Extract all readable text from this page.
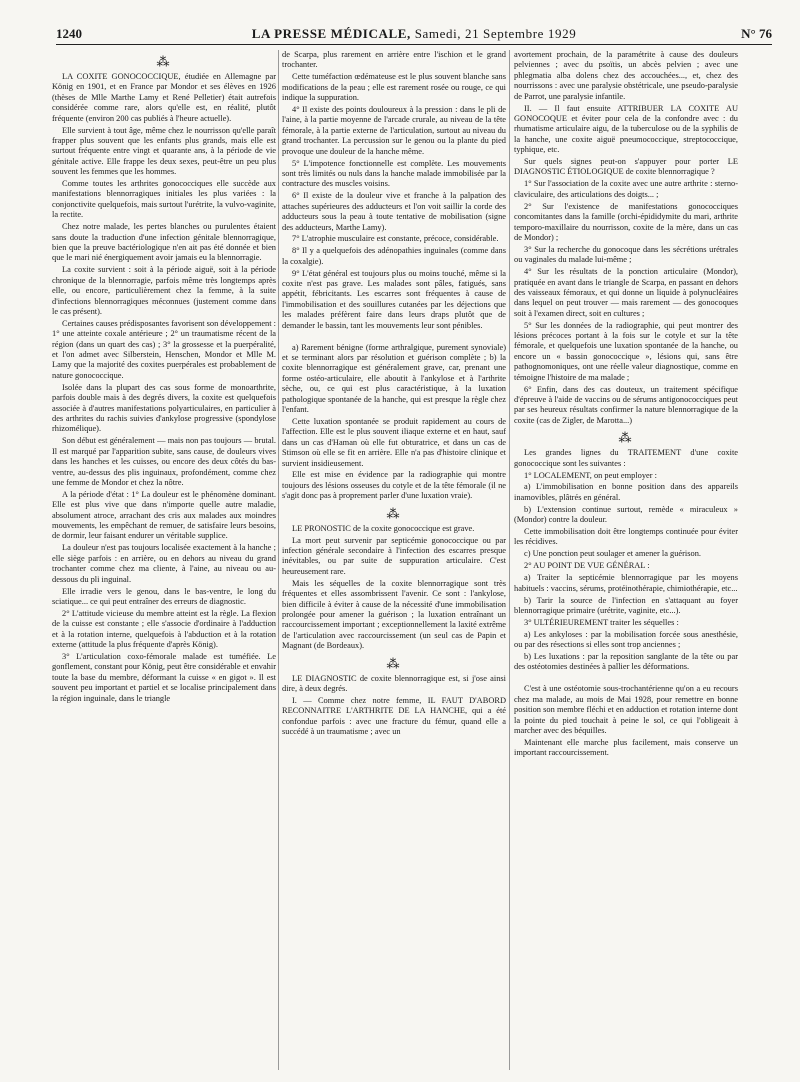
1240	LA PRESSE MÉDICALE, Samedi, 21 Septembre 1929	N° 76
⁂

LA COXITE GONOCOCCIQUE, étudiée en Allemagne par König en 1901, et en France par Mondor et ses élèves en 1926 (thèses de Mlle Marthe Lamy et René Pelletier) était autrefois considérée comme rare, alors qu'elle est, en réalité, plutôt fréquente (environ 200 cas publiés à l'heure actuelle).

Elle survient à tout âge, même chez le nourrisson qu'elle paraît frapper plus souvent que les enfants plus grands, mais elle est surtout fréquente entre vingt et quarante ans, à la période de vie génitale active. Elle frappe les deux sexes, peut-être un peu plus souvent les femmes que les hommes.

Comme toutes les arthrites gonococciques elle succède aux manifestations blennorragiques initiales les plus variées : la conjonctivite quelquefois, mais surtout l'urétrite, la vulvo-vaginite, la rectite.

Chez notre malade, les pertes blanches ou purulentes étaient sans doute la traduction d'une infection génitale blennorragique, bien que la preuve bactériologique n'en ait pas été donnée et bien que le mari nié énergiquement avoir jamais eu la blennorragie.

La coxite survient : soit à la période aiguë, soit à la période chronique de la blennorragie, parfois même très longtemps après elle, ou encore, particulièrement chez la femme, à la suite d'infections blennorragiques méconnues (justement comme dans le cas présent).

Certaines causes prédisposantes favorisent son développement : 1° une atteinte coxale antérieure ; 2° un traumatisme récent de la région (dans un quart des cas) ; 3° la grossesse et la puerpéralité, et l'on admet avec Silberstein, Henschen, Mondor et Mlle M. Lamy que la majorité des coxites puerpérales est probablement de nature gonococcique.

Isolée dans la plupart des cas sous forme de monoarthrite, parfois double mais à des degrés divers, la coxite est quelquefois associée à d'autres manifestations polyarticulaires, en particulier à des arthrites du rachis suivies d'ankylose progressive (spondylose rhizomélique).

Son début est généralement — mais non pas toujours — brutal. Il est marqué par l'apparition subite, sans cause, de douleurs vives dans les hanches et les cuisses, ou encore des deux côtés du bas-ventre, au-dessus des plis inguinaux, profondément, comme chez une femme de Mondor et chez la nôtre.

A la période d'état : 1° La douleur est le phénomène dominant. Elle est plus vive que dans n'importe quelle autre maladie, absolument atroce, arrachant des cris aux malades aux moindres mouvements, les empêchant de remuer, de satisfaire leurs besoins, de dormir, leur faisant endurer un véritable supplice.

La douleur n'est pas toujours localisée exactement à la hanche ; elle siège parfois : en arrière, ou en dehors au niveau du grand trochanter comme chez ma cliente, à l'aine, au niveau ou au-dessous du pli inguinal.

Elle irradie vers le genou, dans le bas-ventre, le long du sciatique... ce qui peut entraîner des erreurs de diagnostic.

2° L'attitude vicieuse du membre atteint est la règle. La flexion de la cuisse est constante ; elle s'associe d'ordinaire à l'adduction et à la rotation interne, quelquefois à l'abduction et à la rotation externe (attitude la plus fréquente d'après König).

3° L'articulation coxo-fémorale malade est tuméfiée. Le gonflement, constant pour König, peut être considérable et envahir toute la base du membre, déformant la cuisse « en gigot ». Il est souvent peu important et partiel et se localise principalement dans la région inguinale, dans le triangle

de Scarpa, plus rarement en arrière entre l'ischion et le grand trochanter.

Cette tuméfaction œdémateuse est le plus souvent blanche sans modifications de la peau ; elle est rarement rosée ou rouge, ce qui indique la suppuration.

4° Il existe des points douloureux à la pression : dans le pli de l'aine, à la partie moyenne de l'arcade crurale, au niveau de la tête fémorale, à la partie externe de l'articulation, surtout au niveau du grand trochanter. La percussion sur le genou ou la plante du pied provoque une douleur de la hanche même.

5° L'impotence fonctionnelle est complète. Les mouvements sont très limités ou nuls dans la hanche malade immobilisée par la contracture des muscles voisins.

6° Il existe de la douleur vive et franche à la palpation des attaches supérieures des adducteurs et l'on voit saillir la corde des adducteurs sous la peau à toute tentative de mobilisation (signe des adducteurs, Marthe Lamy).

7° L'atrophie musculaire est constante, précoce, considérable.

8° Il y a quelquefois des adénopathies inguinales (comme dans la coxalgie).

9° L'état général est toujours plus ou moins touché, même si la coxite n'est pas grave. Les malades sont pâles, fatigués, sans appétit, fébricitants. Les escarres sont fréquentes à cause de l'immobilisation et des souillures cutanées par les déjections que les malades préfèrent faire dans leurs draps plutôt que de demander le bassin, tant les mouvements leur sont pénibles.

a) Rarement bénigne (forme arthralgique, purement synoviale) et se terminant alors par résolution et guérison complète ; b) la coxite blennorragique est généralement grave, car, prenant une forme ostéo-articulaire, elle aboutit à l'ankylose et à l'arthrite sèche, ou, ce qui est plus caractéristique, à la luxation pathologique spontanée de la hanche, qui est presque la règle chez l'enfant.

Cette luxation spontanée se produit rapidement au cours de l'affection. Elle est le plus souvent iliaque externe et en haut, sauf dans un cas d'Haman où elle fut obturatrice, et dans un cas de Stimson où elle se fit en arrière. Elle n'a pas d'histoire clinique et survient insidieusement.

Elle est mise en évidence par la radiographie qui montre toujours des lésions osseuses du cotyle et de la tête fémorale (il ne s'agit donc pas à proprement parler d'une luxation vraie).

⁂

LE PRONOSTIC de la coxite gonococcique est grave.

La mort peut survenir par septicémie gonococcique ou par infection générale secondaire à l'infection des escarres presque inévitables, ou par suite de suppuration articulaire. C'est heureusement rare.

Mais les séquelles de la coxite blennorragique sont très fréquentes et elles assombrissent l'avenir. Ce sont : l'ankylose, bien difficile à éviter à cause de la nécessité d'une immobilisation prolongée pour amener la guérison ; la luxation entraînant un raccourcissement important ; exceptionnellement la laxité extrême de l'articulation avec raccourcissement (un seul cas de Papin et Magnant (de Bordeaux).

⁂

LE DIAGNOSTIC de coxite blennorragique est, si j'ose ainsi dire, à deux degrés.

I. — Comme chez notre femme, IL FAUT D'ABORD RECONNAITRE L'ARTHRITE DE LA HANCHE, qui a été confondue parfois : avec une fracture du fémur, quand elle a succédé à un traumatisme ; avec un

avortement prochain, de la paramétrite à cause des douleurs pelviennes ; avec du psoïtis, un abcès pelvien ; avec une phlegmatia alba dolens chez des accouchées..., et, chez des nourrissons : avec une paralysie obstétricale, une pseudo-paralysie de Parrot, une paralysie infantile.

II. — Il faut ensuite ATTRIBUER LA COXITE AU GONOCOQUE et éviter pour cela de la confondre avec : du rhumatisme articulaire aigu, de la tuberculose ou de la syphilis de la hanche, une coxite aiguë pneumococcique, streptococcique, typhique, etc.

Sur quels signes peut-on s'appuyer pour porter LE DIAGNOSTIC ÉTIOLOGIQUE de coxite blennorragique ?

1° Sur l'association de la coxite avec une autre arthrite : sterno-claviculaire, des articulations des doigts... ;

2° Sur l'existence de manifestations gonococciques concomitantes dans la famille (orchi-épididymite du mari, arthrite temporo-maxillaire du nourrisson, coxite de la mère, dans un cas de Mondor) ;

3° Sur la recherche du gonocoque dans les sécrétions urétrales ou vaginales du malade lui-même ;

4° Sur les résultats de la ponction articulaire (Mondor), pratiquée en avant dans le triangle de Scarpa, en passant en dehors des vaisseaux fémoraux, et qui donne un liquide à polynucléaires dans lequel on peut trouver — mais rarement — des gonocoques soit à l'examen direct, soit en cultures ;

5° Sur les données de la radiographie, qui peut montrer des lésions précoces portant à la fois sur le cotyle et sur la tête fémorale, et quelquefois une luxation spontanée de la hanche, ou encore un « bassin gonococcique », lésions qui, sans être pathognomoniques, ont une réelle valeur diagnostique, comme en témoigne l'histoire de ma malade ;

6° Enfin, dans des cas douteux, un traitement spécifique d'épreuve à l'aide de vaccins ou de sérums antigonococciques peut par ses heureux résultats confirmer la nature blennorragique de la coxite (cas de Zigler, de Marotta...)

⁂

Les grandes lignes du TRAITEMENT d'une coxite gonococcique sont les suivantes :

1° LOCALEMENT, on peut employer :

a) L'immobilisation en bonne position dans des appareils inamovibles, plâtrés en général.

b) L'extension continue surtout, remède « miraculeux » (Mondor) contre la douleur.

Cette immobilisation doit être longtemps continuée pour éviter les récidives.

c) Une ponction peut soulager et amener la guérison.

2° AU POINT DE VUE GÉNÉRAL :

a) Traiter la septicémie blennorragique par les moyens habituels : vaccins, sérums, protéinothérapie, chimiothérapie, etc...

b) Tarir la source de l'infection en s'attaquant au foyer blennorragique primaire (urétrite, vaginite, etc...).

3° ULTÉRIEUREMENT traiter les séquelles :

a) Les ankyloses : par la mobilisation forcée sous anesthésie, ou par des résections si elles sont trop anciennes ;

b) Les luxations : par la reposition sanglante de la tête ou par des ostéotomies destinées à pallier les déformations.

C'est à une ostéotomie sous-trochantérienne qu'on a eu recours chez ma malade, au mois de Mai 1928, pour remettre en bonne position son membre fléchi et en adduction et rotation interne dont la pointe du pied touchait à peine le sol, ce qui l'obligeait à marcher avec des béquilles.

Maintenant elle marche plus facilement, mais conserve un important raccourcissement.
